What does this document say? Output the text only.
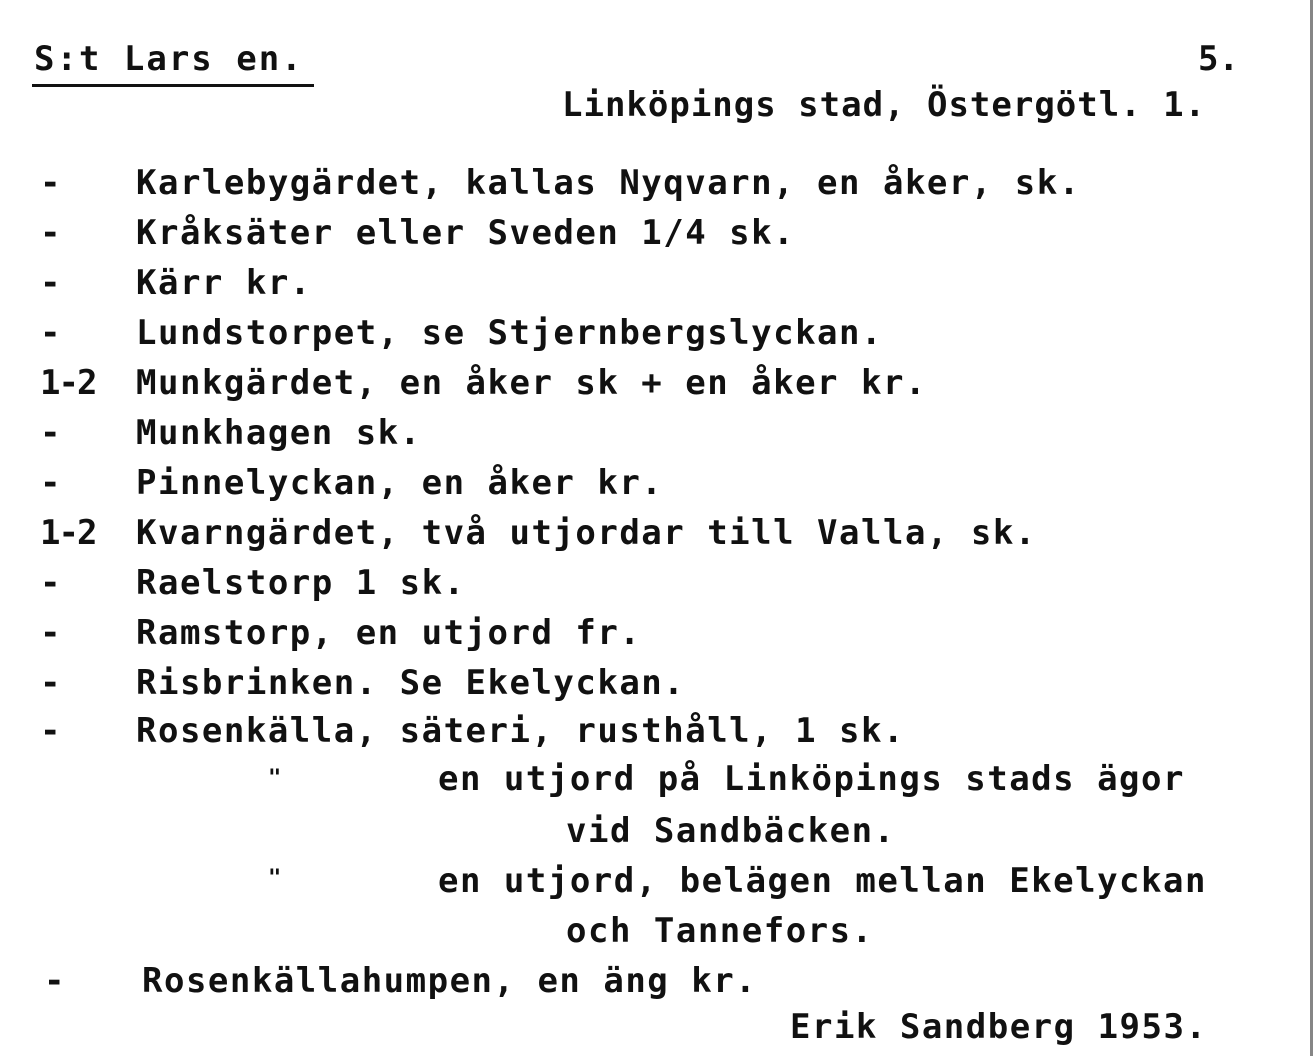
S:t Lars en.	5.
Linköpings stad, Östergötl. 1.
- Karlebygärdet, kallas Nyqvarn, en åker, sk.
- Kråksäter eller Sveden 1/4 sk.
- Kärr kr.
- Lundstorpet, se Stjernbergslyckan.
1-2 Munkgärdet, en åker sk + en åker kr.
- Munkhagen sk.
- Pinnelyckan, en åker kr.
1-2 Kvarngärdet, två utjordar till Valla, sk.
- Raelstorp 1 sk.
- Ramstorp, en utjord fr.
- Risbrinken. Se Ekelyckan.
- Rosenkälla, säteri, rusthåll, 1 sk.
"	en utjord på Linköpings stads ägor
vid Sandbäcken.
"	en utjord, belägen mellan Ekelyckan
och Tannefors.
- Rosenkällahumpen, en äng kr.
Erik Sandberg 1953.
